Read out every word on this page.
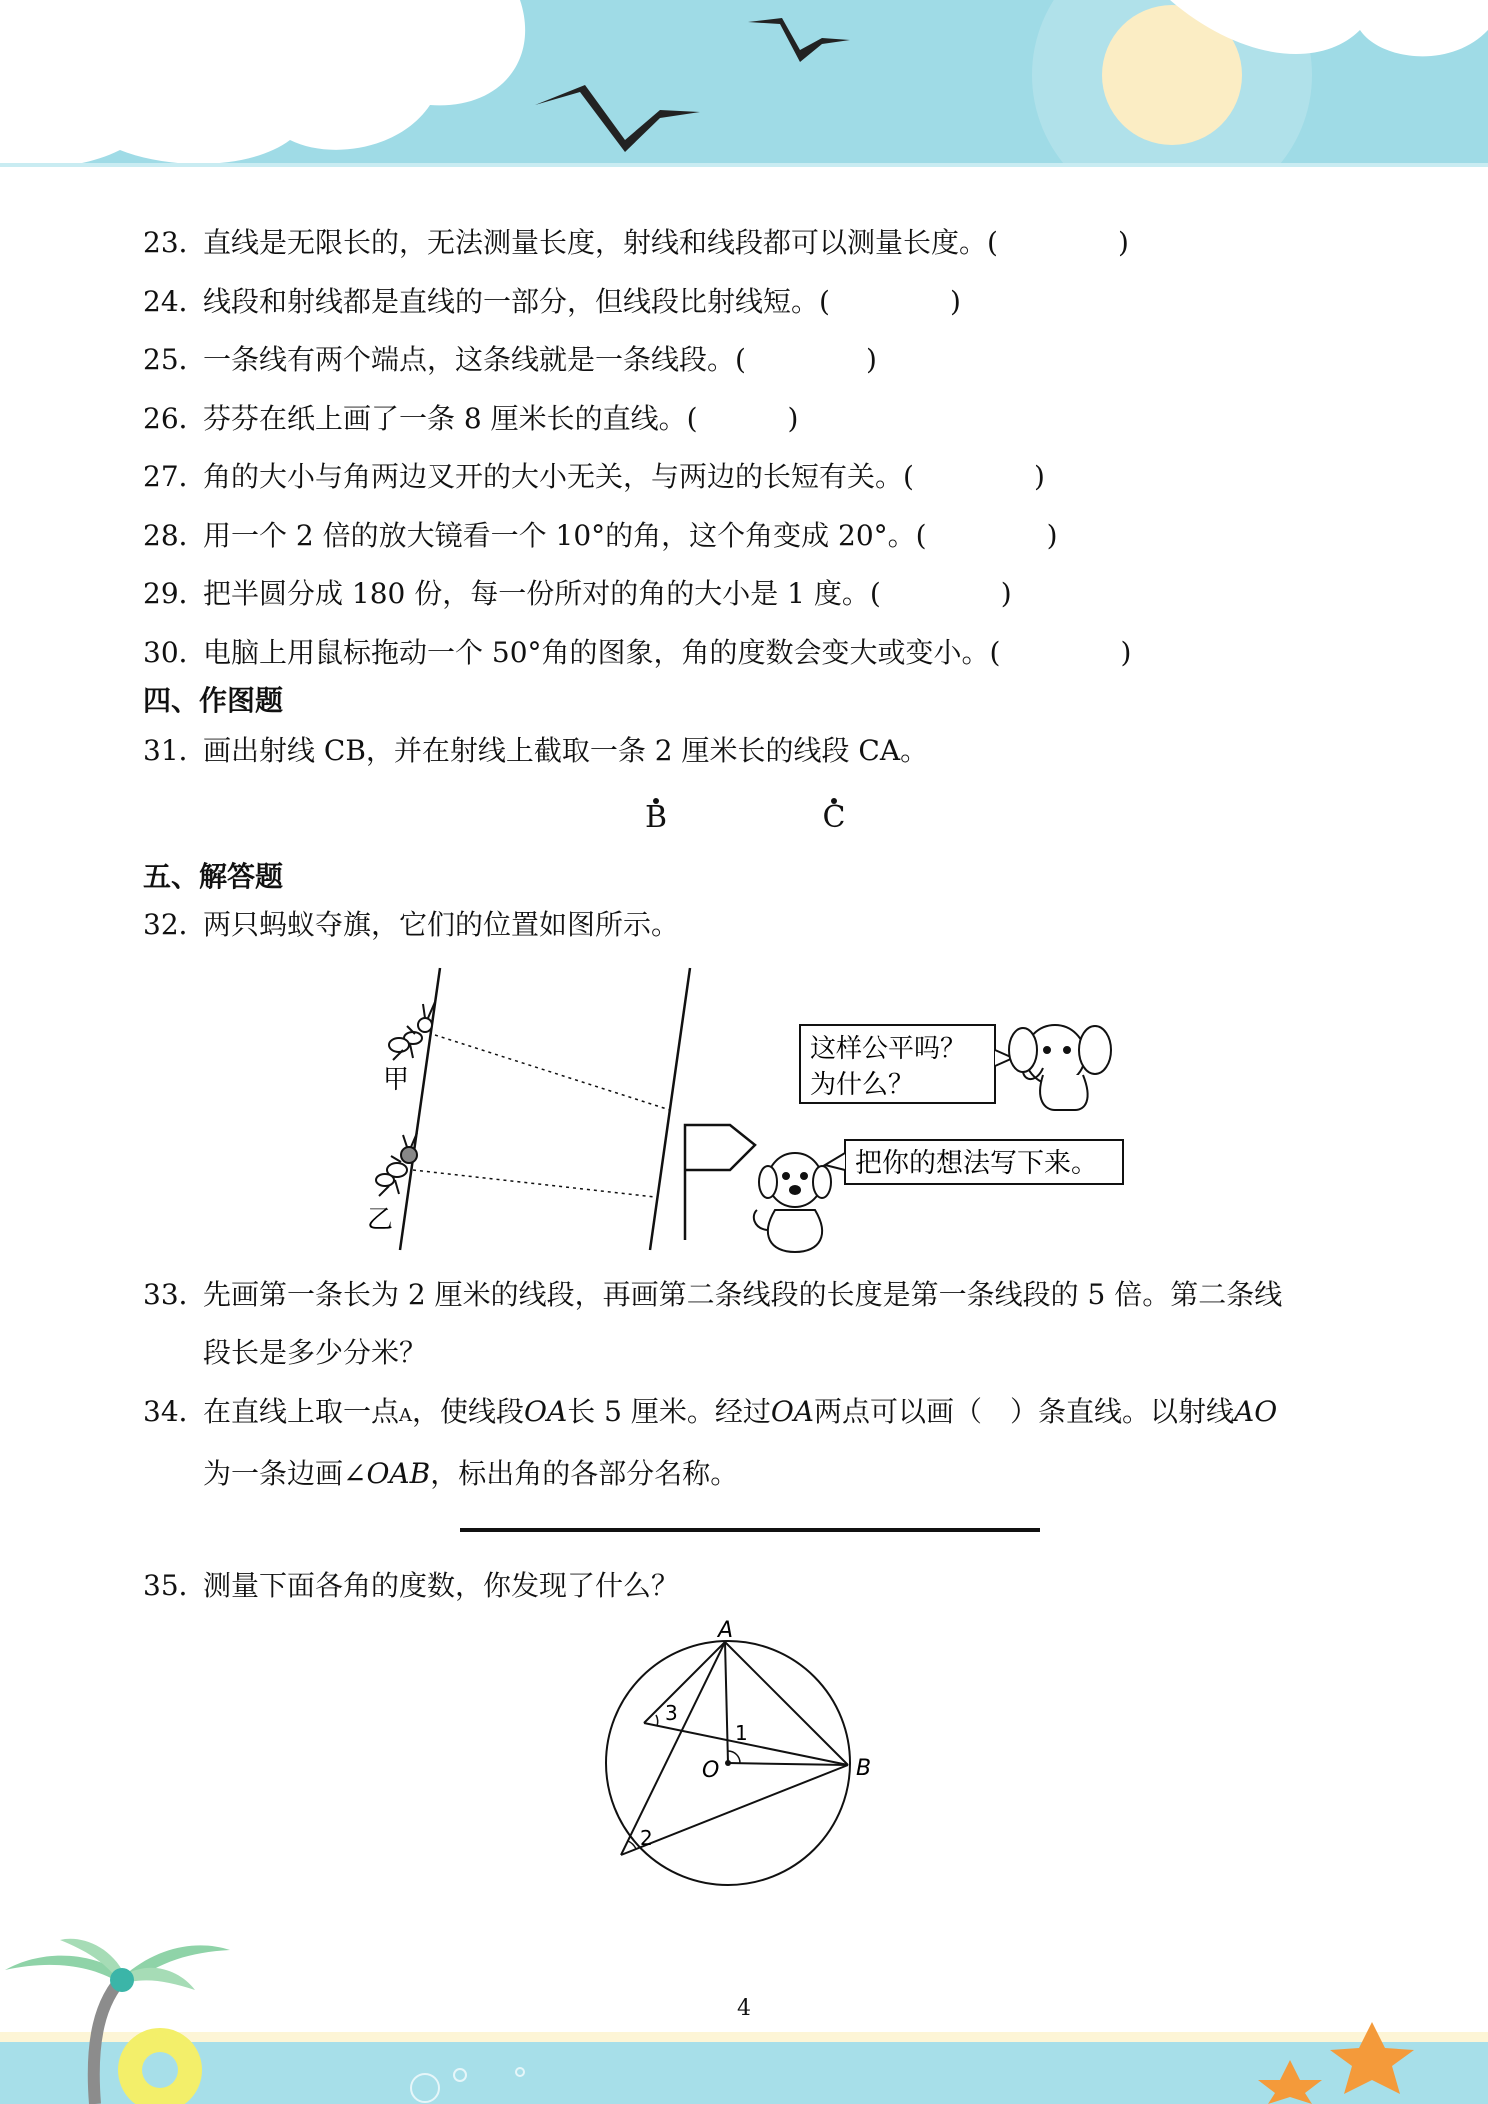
23．直线是无限长的，无法测量长度，射线和线段都可以测量长度。(	)
24．线段和射线都是直线的一部分，但线段比射线短。(	)
25．一条线有两个端点，这条线就是一条线段。(	)
26．芬芬在纸上画了一条 8 厘米长的直线。(	)
27．角的大小与角两边叉开的大小无关，与两边的长短有关。(	)
28．用一个 2 倍的放大镜看一个 10°的角，这个角变成 20°。(	)
29．把半圆分成 180 份，每一份所对的角的大小是 1 度。(	)
30．电脑上用鼠标拖动一个 50°角的图象，角的度数会变大或变小。(	)
四、作图题
31．画出射线 CB，并在射线上截取一条 2 厘米长的线段 CA。
B	C
五、解答题
32．两只蚂蚁夺旗，它们的位置如图所示。
甲
乙
这样公平吗？
为什么？
把你的想法写下来。
33．先画第一条长为 2 厘米的线段，再画第二条线段的长度是第一条线段的 5 倍。第二条线
段长是多少分米？
34．在直线上取一点A，使线段OA长 5 厘米。经过OA两点可以画（　）条直线。以射线AO
为一条边画∠OAB，标出角的各部分名称。
35．测量下面各角的度数，你发现了什么？
A
B
O
1
3
2
4
